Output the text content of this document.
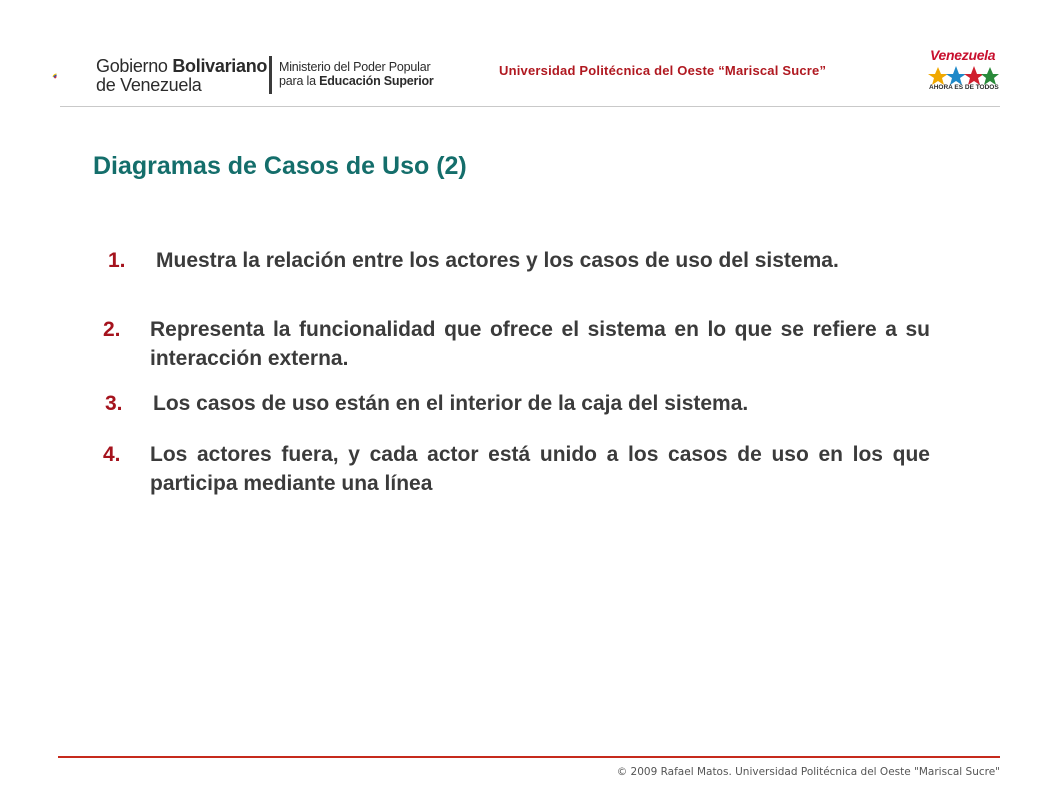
Gobierno Bolivariano
de Venezuela
Ministerio del Poder Popular
para la Educación Superior
Universidad Politécnica del Oeste “Mariscal Sucre”
Venezuela
AHORA ES DE TODOS
Diagramas de Casos de Uso (2)
1. Muestra la relación entre los actores y los casos de uso del sistema.
2. Representa la funcionalidad que ofrece el sistema en lo que se refiere a su interacción externa.
3. Los casos de uso están en el interior de la caja del sistema.
4. Los actores fuera, y cada actor está unido a los casos de uso en los que participa mediante una línea
© 2009 Rafael Matos. Universidad Politécnica del Oeste "Mariscal Sucre"
